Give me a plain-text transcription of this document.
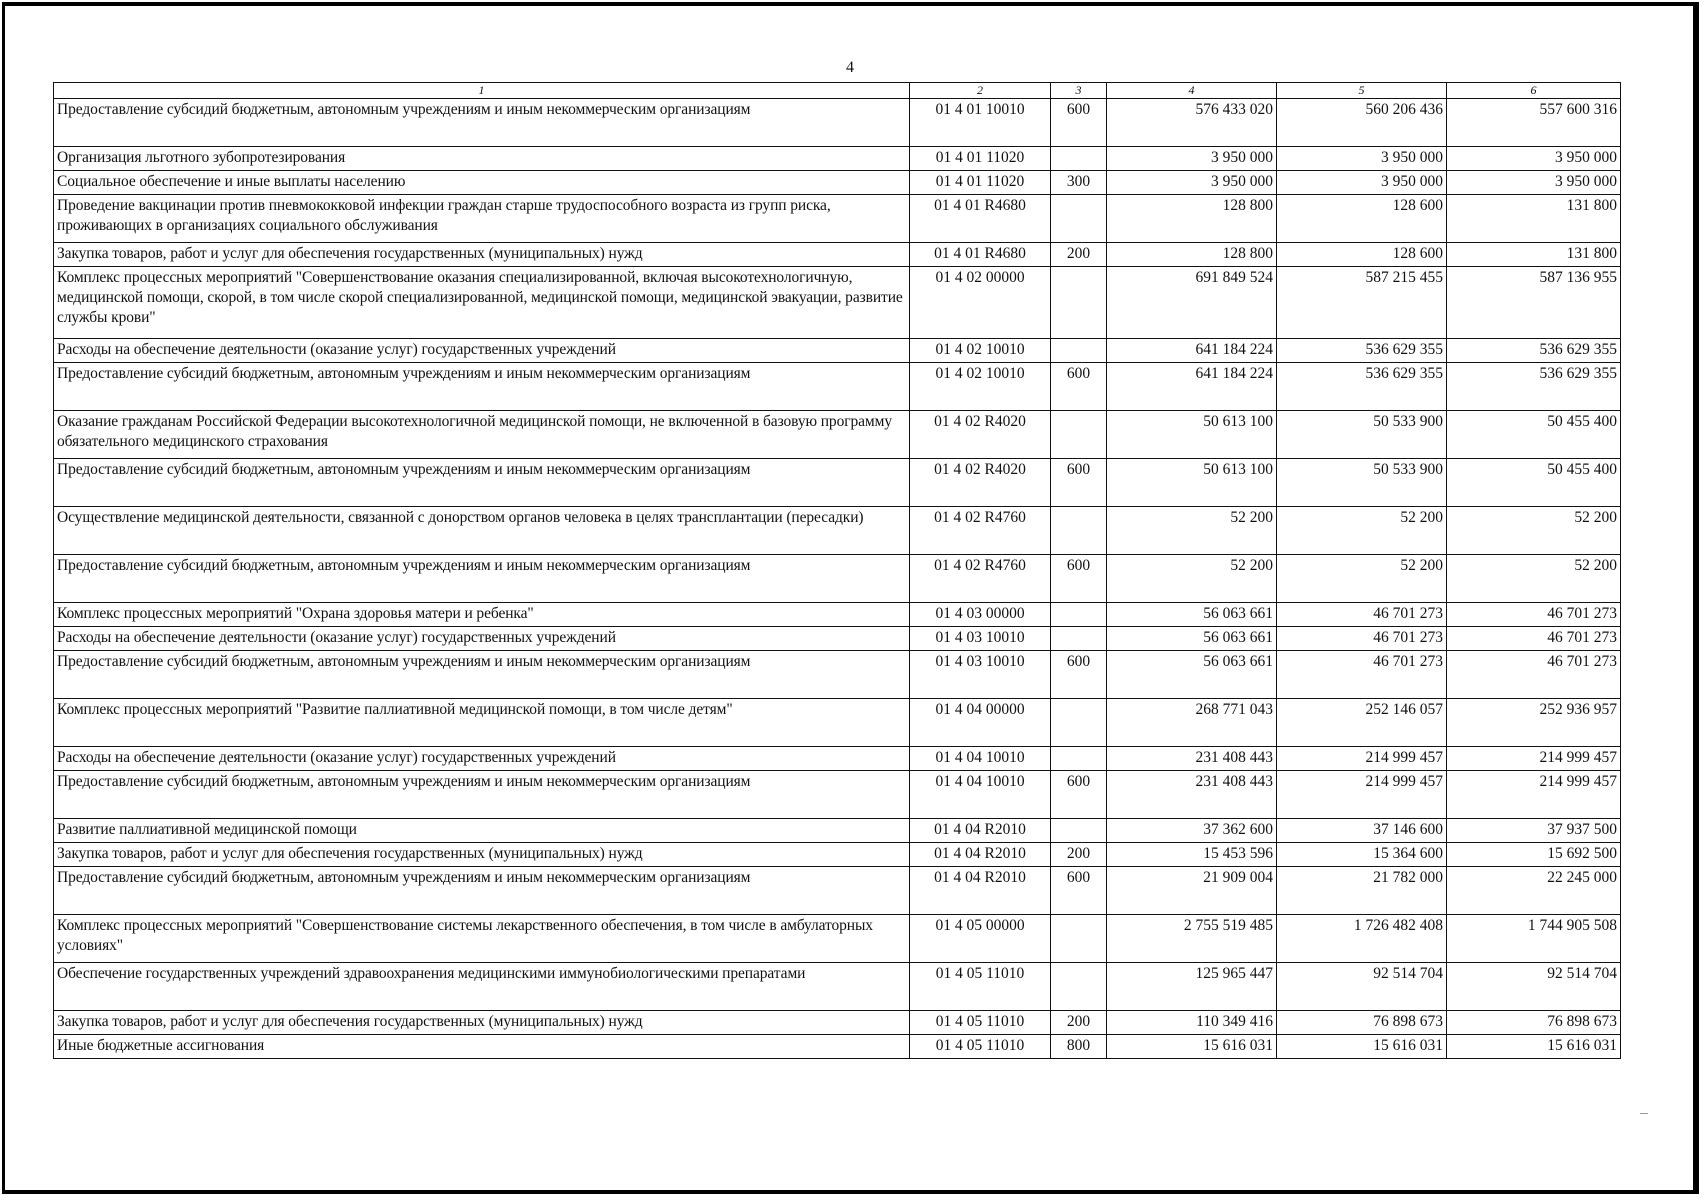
4
1	2	3	4	5	6
Предоставление субсидий бюджетным, автономным учреждениям и иным некоммерческим организациям	01 4 01 10010	600	576 433 020	560 206 436	557 600 316
Организация льготного зубопротезирования	01 4 01 11020		3 950 000	3 950 000	3 950 000
Социальное обеспечение и иные выплаты населению	01 4 01 11020	300	3 950 000	3 950 000	3 950 000
Проведение вакцинации против пневмококковой инфекции граждан старше трудоспособного возраста из групп риска, проживающих в организациях социального обслуживания	01 4 01 R4680		128 800	128 600	131 800
Закупка товаров, работ и услуг для обеспечения государственных (муниципальных) нужд	01 4 01 R4680	200	128 800	128 600	131 800
Комплекс процессных мероприятий "Совершенствование оказания специализированной, включая высокотехнологичную, медицинской помощи, скорой, в том числе скорой специализированной, медицинской помощи, медицинской эвакуации, развитие службы крови"	01 4 02 00000		691 849 524	587 215 455	587 136 955
Расходы на обеспечение деятельности (оказание услуг) государственных учреждений	01 4 02 10010		641 184 224	536 629 355	536 629 355
Предоставление субсидий бюджетным, автономным учреждениям и иным некоммерческим организациям	01 4 02 10010	600	641 184 224	536 629 355	536 629 355
Оказание гражданам Российской Федерации высокотехнологичной медицинской помощи, не включенной в базовую программу обязательного медицинского страхования	01 4 02 R4020		50 613 100	50 533 900	50 455 400
Предоставление субсидий бюджетным, автономным учреждениям и иным некоммерческим организациям	01 4 02 R4020	600	50 613 100	50 533 900	50 455 400
Осуществление медицинской деятельности, связанной с донорством органов человека в целях трансплантации (пересадки)	01 4 02 R4760		52 200	52 200	52 200
Предоставление субсидий бюджетным, автономным учреждениям и иным некоммерческим организациям	01 4 02 R4760	600	52 200	52 200	52 200
Комплекс процессных мероприятий "Охрана здоровья матери и ребенка"	01 4 03 00000		56 063 661	46 701 273	46 701 273
Расходы на обеспечение деятельности (оказание услуг) государственных учреждений	01 4 03 10010		56 063 661	46 701 273	46 701 273
Предоставление субсидий бюджетным, автономным учреждениям и иным некоммерческим организациям	01 4 03 10010	600	56 063 661	46 701 273	46 701 273
Комплекс процессных мероприятий "Развитие паллиативной медицинской помощи, в том числе детям"	01 4 04 00000		268 771 043	252 146 057	252 936 957
Расходы на обеспечение деятельности (оказание услуг) государственных учреждений	01 4 04 10010		231 408 443	214 999 457	214 999 457
Предоставление субсидий бюджетным, автономным учреждениям и иным некоммерческим организациям	01 4 04 10010	600	231 408 443	214 999 457	214 999 457
Развитие паллиативной медицинской помощи	01 4 04 R2010		37 362 600	37 146 600	37 937 500
Закупка товаров, работ и услуг для обеспечения государственных (муниципальных) нужд	01 4 04 R2010	200	15 453 596	15 364 600	15 692 500
Предоставление субсидий бюджетным, автономным учреждениям и иным некоммерческим организациям	01 4 04 R2010	600	21 909 004	21 782 000	22 245 000
Комплекс процессных мероприятий "Совершенствование системы лекарственного обеспечения, в том числе в амбулаторных условиях"	01 4 05 00000		2 755 519 485	1 726 482 408	1 744 905 508
Обеспечение государственных учреждений здравоохранения медицинскими иммунобиологическими препаратами	01 4 05 11010		125 965 447	92 514 704	92 514 704
Закупка товаров, работ и услуг для обеспечения государственных (муниципальных) нужд	01 4 05 11010	200	110 349 416	76 898 673	76 898 673
Иные бюджетные ассигнования	01 4 05 11010	800	15 616 031	15 616 031	15 616 031
